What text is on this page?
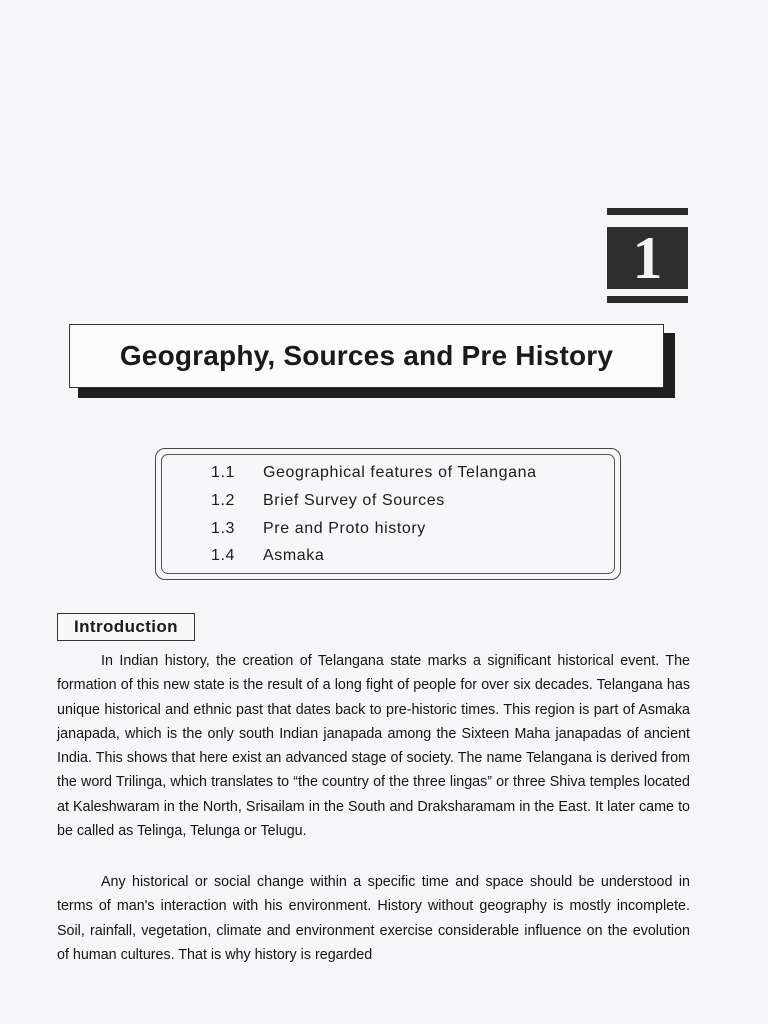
1
Geography, Sources and Pre History
1.1 Geographical features of Telangana
1.2 Brief Survey of Sources
1.3 Pre and Proto history
1.4 Asmaka
Introduction

In Indian history, the creation of Telangana state marks a significant historical event. The formation of this new state is the result of a long fight of people for over six decades. Telangana has unique historical and ethnic past that dates back to pre-historic times. This region is part of Asmaka janapada, which is the only south Indian janapada among the Sixteen Maha janapadas of ancient India. This shows that here exist an advanced stage of society. The name Telangana is derived from the word Trilinga, which translates to “the country of the three lingas” or three Shiva temples located at Kaleshwaram in the North, Srisailam in the South and Draksharamam in the East. It later came to be called as Telinga, Telunga or Telugu.

Any historical or social change within a specific time and space should be understood in terms of man's interaction with his environment. History without geography is mostly incomplete. Soil, rainfall, vegetation, climate and environment exercise considerable influence on the evolution of human cultures. That is why history is regarded
